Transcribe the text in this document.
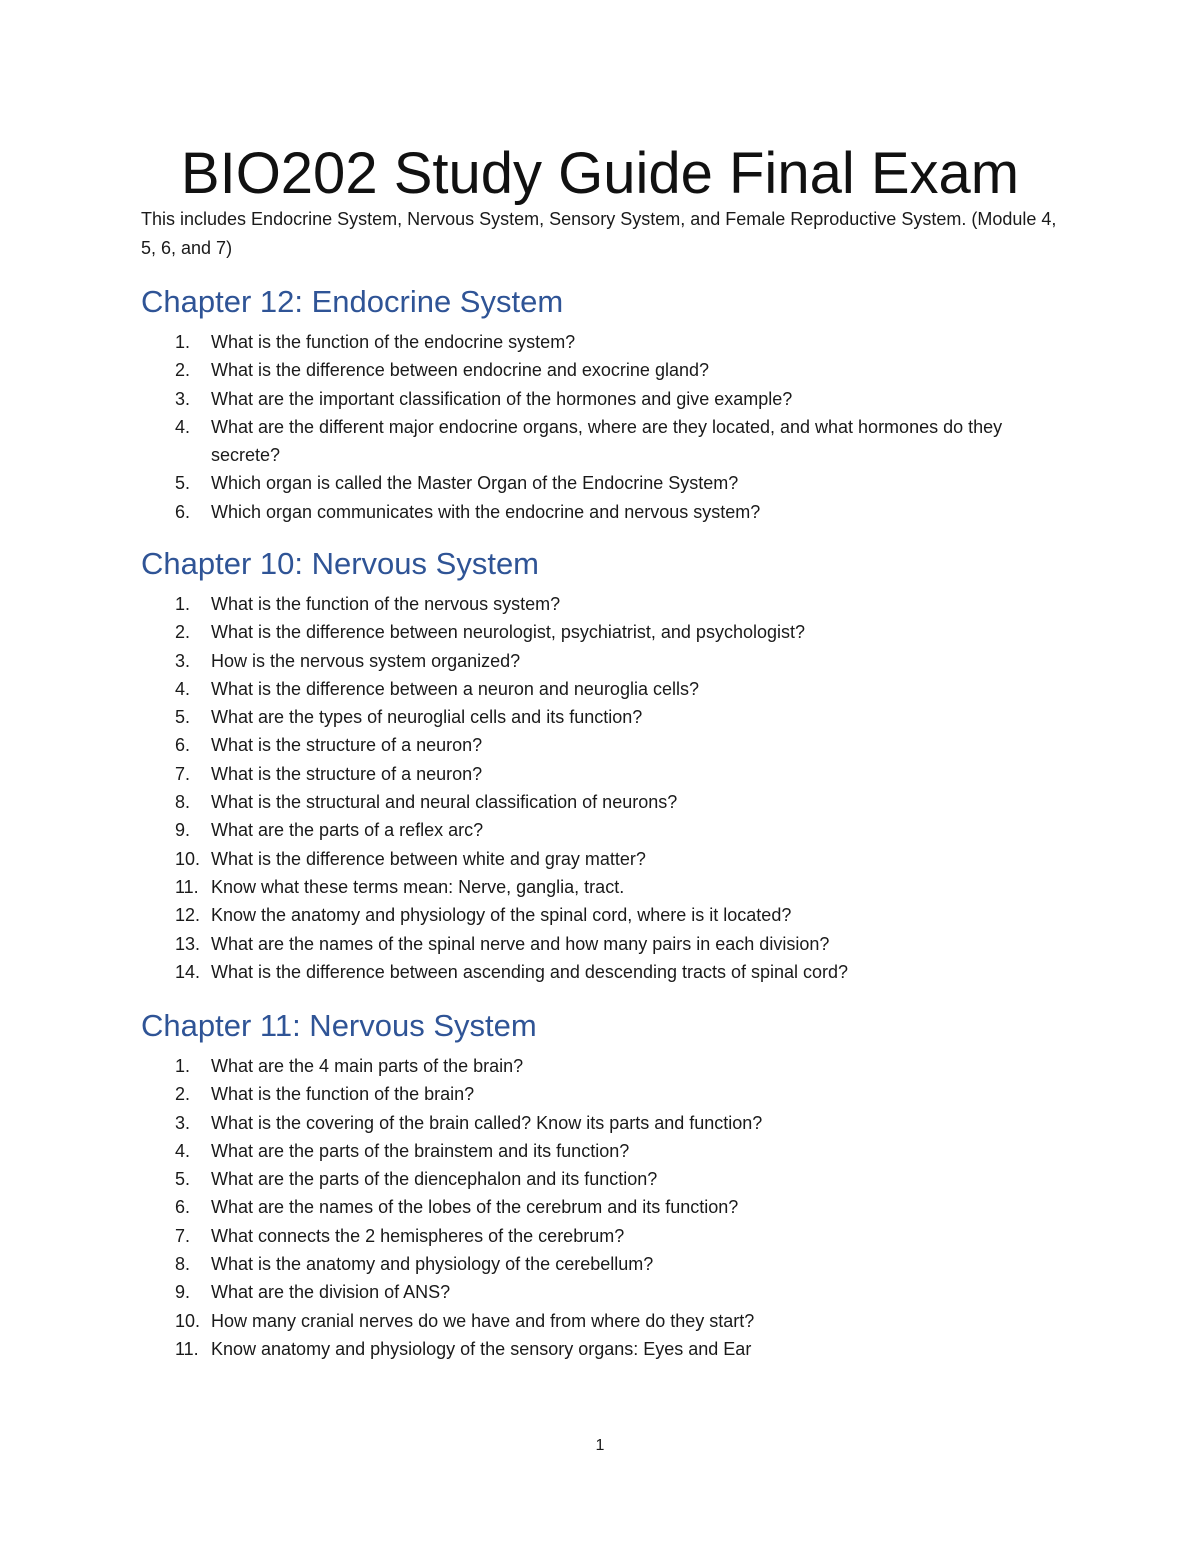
BIO202 Study Guide Final Exam

This includes Endocrine System, Nervous System, Sensory System, and Female Reproductive System. (Module 4, 5, 6, and 7)

Chapter 12: Endocrine System
1. What is the function of the endocrine system?
2. What is the difference between endocrine and exocrine gland?
3. What are the important classification of the hormones and give example?
4. What are the different major endocrine organs, where are they located, and what hormones do they secrete?
5. Which organ is called the Master Organ of the Endocrine System?
6. Which organ communicates with the endocrine and nervous system?
Chapter 10: Nervous System
1. What is the function of the nervous system?
2. What is the difference between neurologist, psychiatrist, and psychologist?
3. How is the nervous system organized?
4. What is the difference between a neuron and neuroglia cells?
5. What are the types of neuroglial cells and its function?
6. What is the structure of a neuron?
7. What is the structure of a neuron?
8. What is the structural and neural classification of neurons?
9. What are the parts of a reflex arc?
10. What is the difference between white and gray matter?
11. Know what these terms mean: Nerve, ganglia, tract.
12. Know the anatomy and physiology of the spinal cord, where is it located?
13. What are the names of the spinal nerve and how many pairs in each division?
14. What is the difference between ascending and descending tracts of spinal cord?
Chapter 11: Nervous System
1. What are the 4 main parts of the brain?
2. What is the function of the brain?
3. What is the covering of the brain called? Know its parts and function?
4. What are the parts of the brainstem and its function?
5. What are the parts of the diencephalon and its function?
6. What are the names of the lobes of the cerebrum and its function?
7. What connects the 2 hemispheres of the cerebrum?
8. What is the anatomy and physiology of the cerebellum?
9. What are the division of ANS?
10. How many cranial nerves do we have and from where do they start?
11. Know anatomy and physiology of the sensory organs: Eyes and Ear
1
